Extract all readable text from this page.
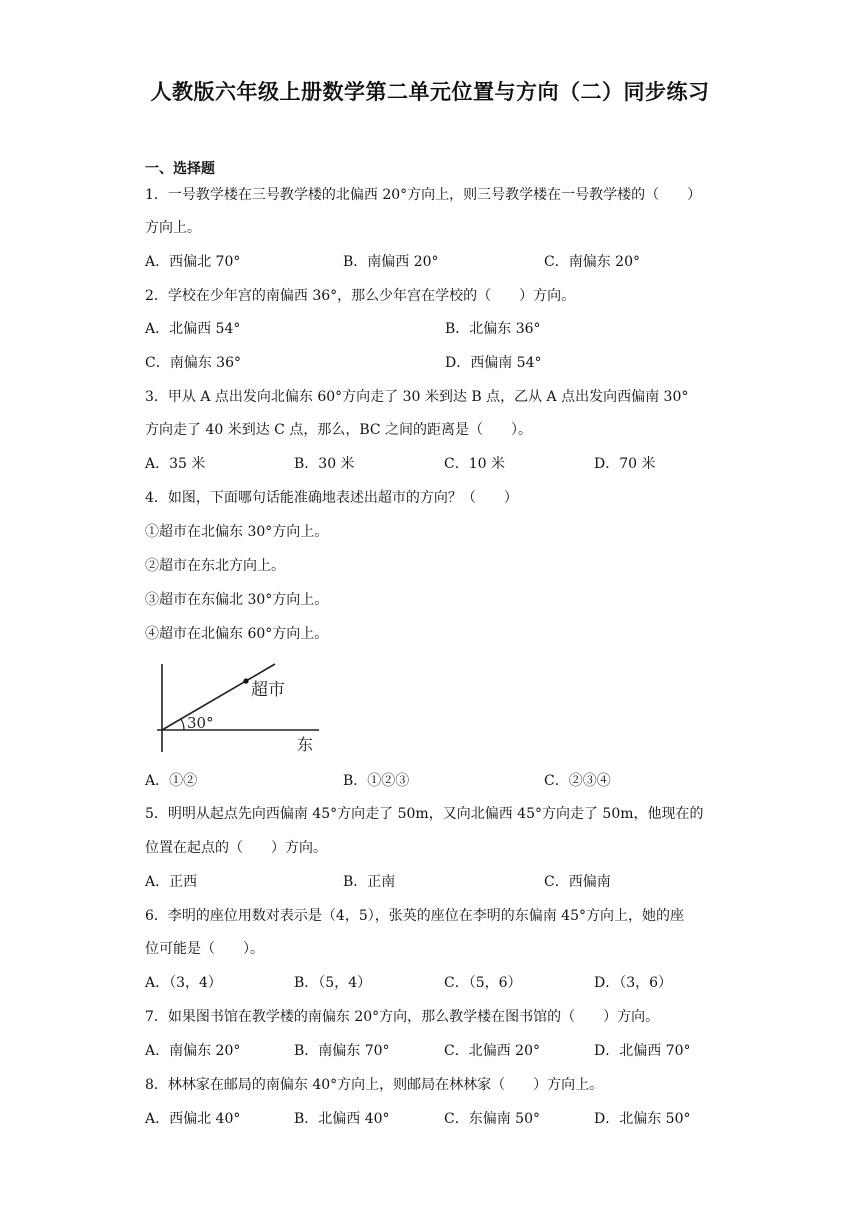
人教版六年级上册数学第二单元位置与方向（二）同步练习
一、选择题
1．一号教学楼在三号教学楼的北偏西 20°方向上，则三号教学楼在一号教学楼的（　　）
方向上。
A．西偏北 70°	B．南偏西 20°	C．南偏东 20°
2．学校在少年宫的南偏西 36°，那么少年宫在学校的（　　）方向。
A．北偏西 54°	B．北偏东 36°
C．南偏东 36°	D．西偏南 54°
3．甲从 A 点出发向北偏东 60°方向走了 30 米到达 B 点，乙从 A 点出发向西偏南 30°
方向走了 40 米到达 C 点，那么，BC 之间的距离是（　　）。
A．35 米	B．30 米	C．10 米	D．70 米
4．如图，下面哪句话能准确地表述出超市的方向？（　　）
①超市在北偏东 30°方向上。
②超市在东北方向上。
③超市在东偏北 30°方向上。
④超市在北偏东 60°方向上。
超市
30°
东
A．①②	B．①②③	C．②③④
5．明明从起点先向西偏南 45°方向走了 50m，又向北偏西 45°方向走了 50m，他现在的
位置在起点的（　　）方向。
A．正西	B．正南	C．西偏南
6．李明的座位用数对表示是（4，5），张英的座位在李明的东偏南 45°方向上，她的座
位可能是（　　）。
A．（3，4）	B．（5，4）	C．（5，6）	D．（3，6）
7．如果图书馆在教学楼的南偏东 20°方向，那么教学楼在图书馆的（　　）方向。
A．南偏东 20°	B．南偏东 70°	C．北偏西 20°	D．北偏西 70°
8．林林家在邮局的南偏东 40°方向上，则邮局在林林家（　　）方向上。
A．西偏北 40°	B．北偏西 40°	C．东偏南 50°	D．北偏东 50°
